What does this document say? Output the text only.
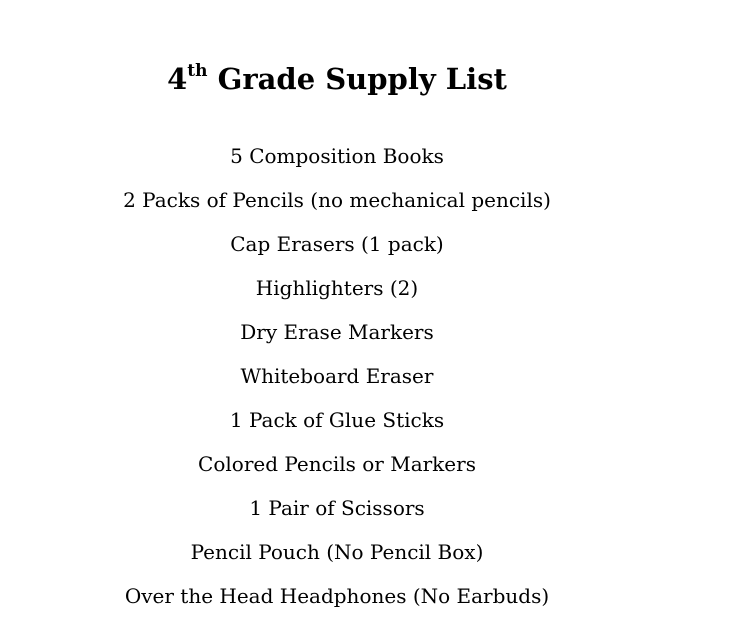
4th Grade Supply List
5 Composition Books
2 Packs of Pencils (no mechanical pencils)
Cap Erasers (1 pack)
Highlighters (2)
Dry Erase Markers
Whiteboard Eraser
1 Pack of Glue Sticks
Colored Pencils or Markers
1 Pair of Scissors
Pencil Pouch (No Pencil Box)
Over the Head Headphones (No Earbuds)
